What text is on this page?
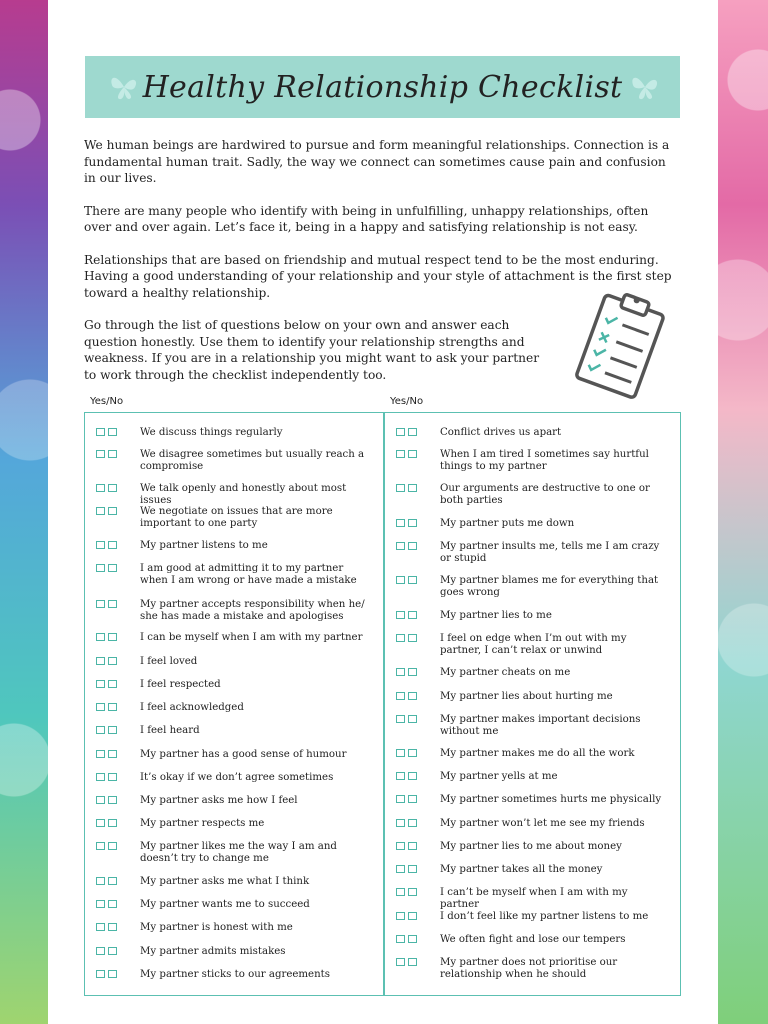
Healthy Relationship Checklist

We human beings are hardwired to pursue and form meaningful relationships. Connection is a fundamental human trait. Sadly, the way we connect can sometimes cause pain and confusion in our lives.

There are many people who identify with being in unfulfilling, unhappy relationships, often over and over again. Let’s face it, being in a happy and satisfying relationship is not easy.

Relationships that are based on friendship and mutual respect tend to be the most enduring. Having a good understanding of your relationship and your style of attachment is the first step toward a healthy relationship.

Go through the list of questions below on your own and answer each question honestly. Use them to identify your relationship strengths and weakness. If you are in a relationship you might want to ask your partner to work through the checklist independently too.

Yes/No	Yes/No
We discuss things regularly
We disagree sometimes but usually reach a compromise
We talk openly and honestly about most issues
We negotiate on issues that are more important to one party
My partner listens to me
I am good at admitting it to my partner when I am wrong or have made a mistake
My partner accepts responsibility when he/ she has made a mistake and apologises
I can be myself when I am with my partner
I feel loved
I feel respected
I feel acknowledged
I feel heard
My partner has a good sense of humour
It’s okay if we don’t agree sometimes
My partner asks me how I feel
My partner respects me
My partner likes me the way I am and doesn’t try to change me
My partner asks me what I think
My partner wants me to succeed
My partner is honest with me
My partner admits mistakes
My partner sticks to our agreements
Conflict drives us apart
When I am tired I sometimes say hurtful things to my partner
Our arguments are destructive to one or both parties
My partner puts me down
My partner insults me, tells me I am crazy or stupid
My partner blames me for everything that goes wrong
My partner lies to me
I feel on edge when I’m out with my partner, I can’t relax or unwind
My partner cheats on me
My partner lies about hurting me
My partner makes important decisions without me
My partner makes me do all the work
My partner yells at me
My partner sometimes hurts me physically
My partner won’t let me see my friends
My partner lies to me about money
My partner takes all the money
I can’t be myself when I am with my partner
I don’t feel like my partner listens to me
We often fight and lose our tempers
My partner does not prioritise our relationship when he should
